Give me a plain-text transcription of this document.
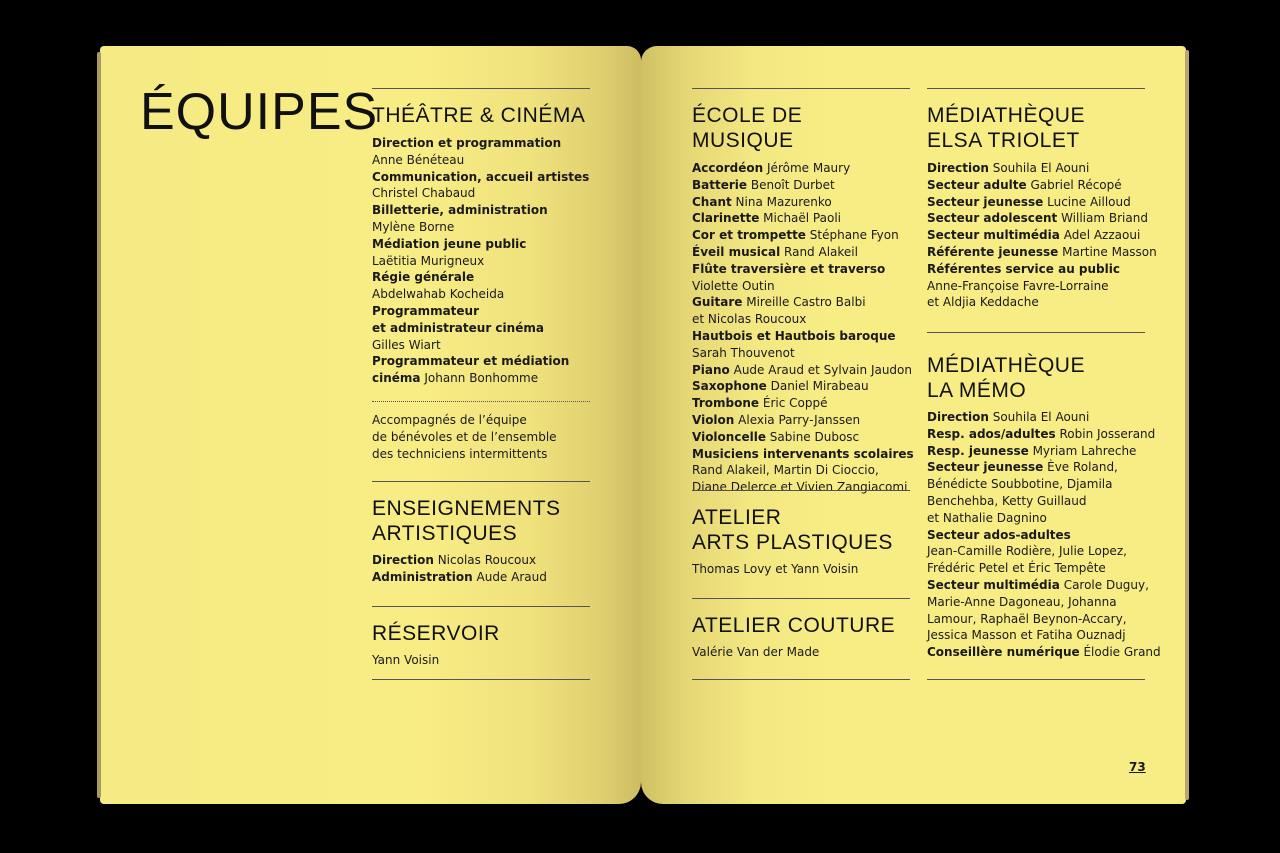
ÉQUIPES
THÉÂTRE & CINÉMA
Direction et programmation
Anne Bénéteau
Communication, accueil artistes
Christel Chabaud
Billetterie, administration
Mylène Borne
Médiation jeune public
Laëtitia Murigneux
Régie générale
Abdelwahab Kocheida
Programmateur
et administrateur cinéma
Gilles Wiart
Programmateur et médiation
cinéma Johann Bonhomme
Accompagnés de l’équipe
de bénévoles et de l’ensemble
des techniciens intermittents
ENSEIGNEMENTS
ARTISTIQUES
Direction Nicolas Roucoux
Administration Aude Araud
RÉSERVOIR
Yann Voisin
ÉCOLE DE MUSIQUE
Accordéon Jérôme Maury
Batterie Benoît Durbet
Chant Nina Mazurenko
Clarinette Michaël Paoli
Cor et trompette Stéphane Fyon
Éveil musical Rand Alakeil
Flûte traversière et traverso
Violette Outin
Guitare Mireille Castro Balbi
et Nicolas Roucoux
Hautbois et Hautbois baroque
Sarah Thouvenot
Piano Aude Araud et Sylvain Jaudon
Saxophone Daniel Mirabeau
Trombone Éric Coppé
Violon Alexia Parry-Janssen
Violoncelle Sabine Dubosc
Musiciens intervenants scolaires
Rand Alakeil, Martin Di Cioccio,
Diane Delerce et Vivien Zangiacomi
ATELIER
ARTS PLASTIQUES
Thomas Lovy et Yann Voisin
ATELIER COUTURE
Valérie Van der Made
MÉDIATHÈQUE
ELSA TRIOLET
Direction Souhila El Aouni
Secteur adulte Gabriel Récopé
Secteur jeunesse Lucine Ailloud
Secteur adolescent William Briand
Secteur multimédia Adel Azzaoui
Référente jeunesse Martine Masson
Référentes service au public
Anne-Françoise Favre-Lorraine
et Aldjia Keddache
MÉDIATHÈQUE
LA MÉMO
Direction Souhila El Aouni
Resp. ados/adultes Robin Josserand
Resp. jeunesse Myriam Lahreche
Secteur jeunesse Ève Roland,
Bénédicte Soubbotine, Djamila
Benchehba, Ketty Guillaud
et Nathalie Dagnino
Secteur ados-adultes
Jean-Camille Rodière, Julie Lopez,
Frédéric Petel et Éric Tempête
Secteur multimédia Carole Duguy,
Marie-Anne Dagoneau, Johanna
Lamour, Raphaël Beynon-Accary,
Jessica Masson et Fatiha Ouznadj
Conseillère numérique Élodie Grand
73
